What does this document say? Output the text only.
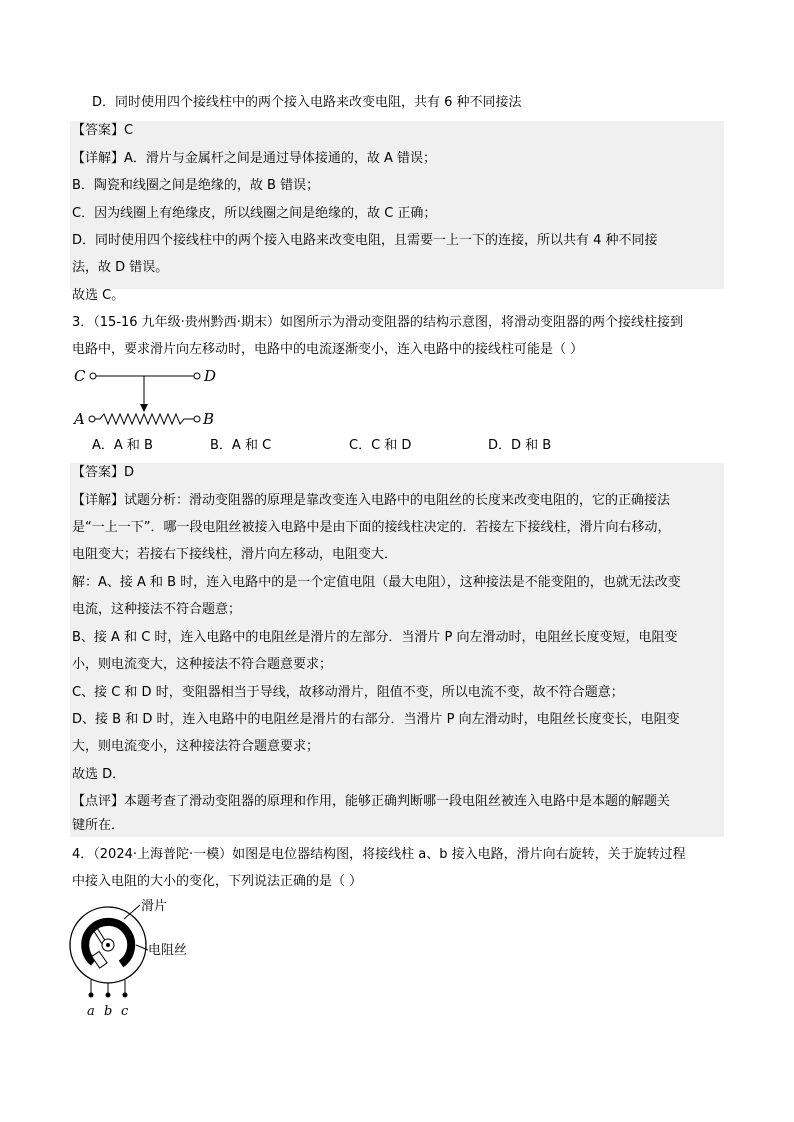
D．同时使用四个接线柱中的两个接入电路来改变电阻，共有 6 种不同接法
【答案】C
【详解】A．滑片与金属杆之间是通过导体接通的，故 A 错误；
B．陶瓷和线圈之间是绝缘的，故 B 错误；
C．因为线圈上有绝缘皮，所以线圈之间是绝缘的，故 C 正确；
D．同时使用四个接线柱中的两个接入电路来改变电阻，且需要一上一下的连接，所以共有 4 种不同接
法，故 D 错误。
故选 C。
3．（15-16 九年级·贵州黔西·期末）如图所示为滑动变阻器的结构示意图，将滑动变阻器的两个接线柱接到
电路中，要求滑片向左移动时，电路中的电流逐渐变小，连入电路中的接线柱可能是（ ）
C	D
A	B
A．A 和 B	B．A 和 C	C．C 和 D	D．D 和 B
【答案】D
【详解】试题分析：滑动变阻器的原理是靠改变连入电路中的电阻丝的长度来改变电阻的，它的正确接法
是“一上一下”．哪一段电阻丝被接入电路中是由下面的接线柱决定的．若接左下接线柱，滑片向右移动，
电阻变大；若接右下接线柱，滑片向左移动，电阻变大．
解：A、接 A 和 B 时，连入电路中的是一个定值电阻（最大电阻），这种接法是不能变阻的，也就无法改变
电流，这种接法不符合题意；
B、接 A 和 C 时，连入电路中的电阻丝是滑片的左部分．当滑片 P 向左滑动时，电阻丝长度变短，电阻变
小，则电流变大，这种接法不符合题意要求；
C、接 C 和 D 时，变阻器相当于导线，故移动滑片，阻值不变，所以电流不变，故不符合题意；
D、接 B 和 D 时，连入电路中的电阻丝是滑片的右部分．当滑片 P 向左滑动时，电阻丝长度变长，电阻变
大，则电流变小，这种接法符合题意要求；
故选 D．
【点评】本题考查了滑动变阻器的原理和作用，能够正确判断哪一段电阻丝被连入电路中是本题的解题关
键所在．
4．（2024·上海普陀·一模）如图是电位器结构图，将接线柱 a、b 接入电路，滑片向右旋转，关于旋转过程
中接入电阻的大小的变化，下列说法正确的是（ ）
滑片
电阻丝
a b c
